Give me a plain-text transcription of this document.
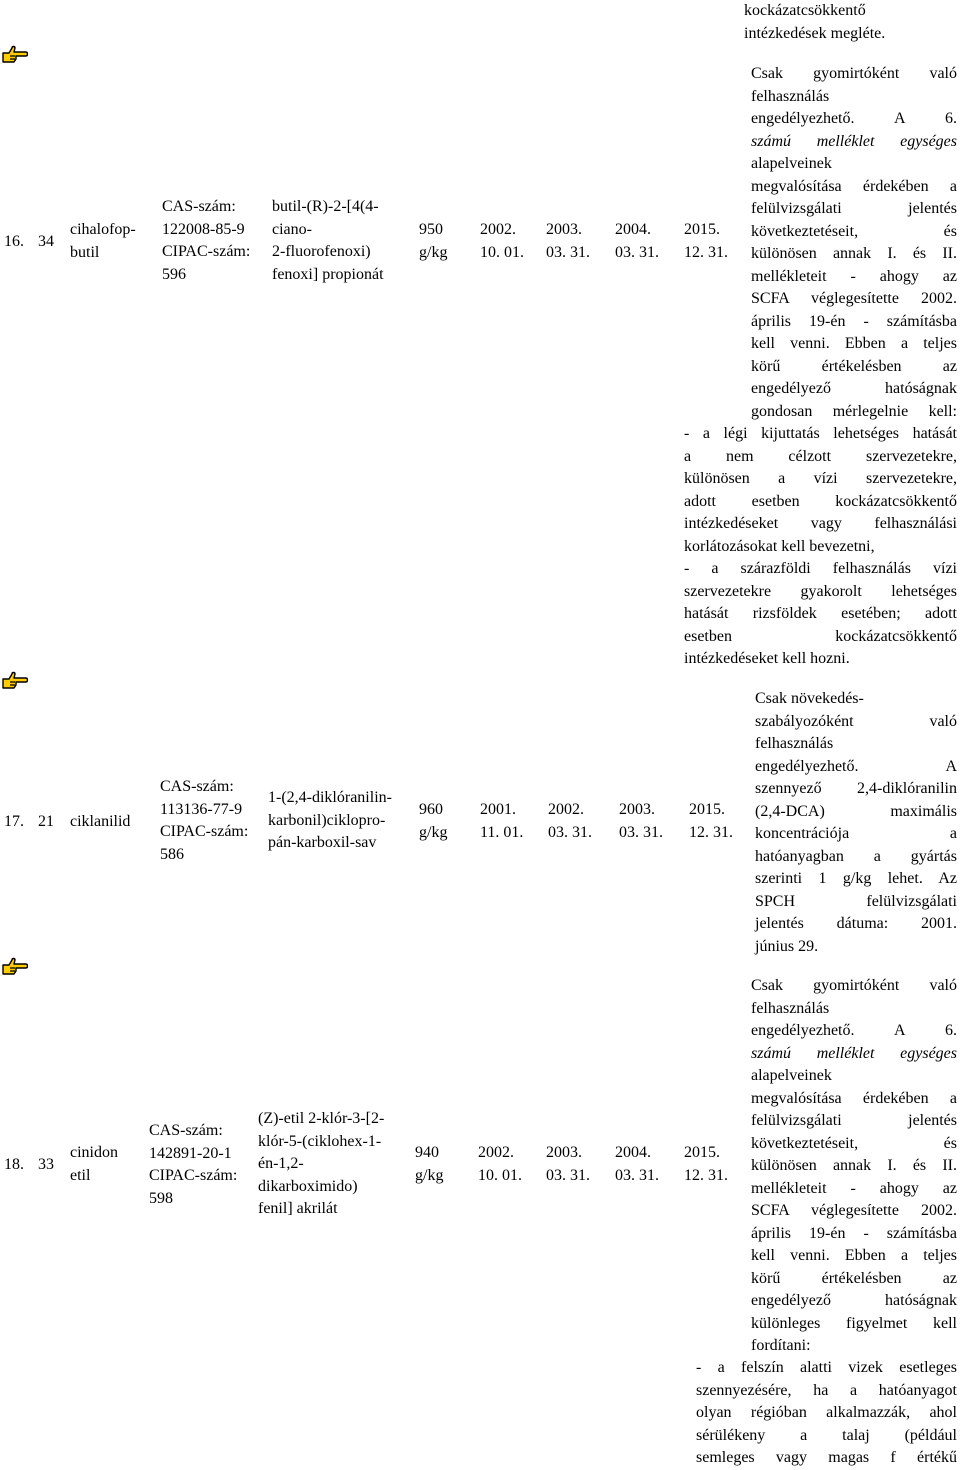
kockázatcsökkentő
intézkedések megléte.
16. 34
cihalofop-
butil
CAS-szám:
122008-85-9
CIPAC-szám:
596
butil-(R)-2-[4(4-
ciano-
2-fluorofenoxi)
fenoxi] propionát
950
g/kg
2002.
10. 01.
2003.
03. 31.
2004.
03. 31.
2015.
12. 31.
Csak gyomirtóként való
felhasználás
engedélyezhető. A 6.
számú melléklet egységes
alapelveinek
megvalósítása érdekében a
felülvizsgálati jelentés
következtetéseit, és
különösen annak I. és II.
mellékleteit - ahogy az
SCFA véglegesítette 2002.
április 19-én - számításba
kell venni. Ebben a teljes
körű értékelésben az
engedélyező hatóságnak
gondosan mérlegelnie kell:
- a légi kijuttatás lehetséges hatását
a nem célzott szervezetekre,
különösen a vízi szervezetekre,
adott esetben kockázatcsökkentő
intézkedéseket vagy felhasználási
korlátozásokat kell bevezetni,
- a szárazföldi felhasználás vízi
szervezetekre gyakorolt lehetséges
hatását rizsföldek esetében; adott
esetben kockázatcsökkentő
intézkedéseket kell hozni.
17. 21 ciklanilid
CAS-szám:
113136-77-9
CIPAC-szám:
586
1-(2,4-diklóranilin-
karbonil)ciklopro-
pán-karboxil-sav
960
g/kg
2001.
11. 01.
2002.
03. 31.
2003.
03. 31.
2015.
12. 31.
Csak növekedés-
szabályozóként való
felhasználás
engedélyezhető. A
szennyező 2,4-diklóranilin
(2,4-DCA) maximális
koncentrációja a
hatóanyagban a gyártás
szerinti 1 g/kg lehet. Az
SPCH felülvizsgálati
jelentés dátuma: 2001.
június 29.
18. 33
cinidon
etil
CAS-szám:
142891-20-1
CIPAC-szám:
598
(Z)-etil 2-klór-3-[2-
klór-5-(ciklohex-1-
én-1,2-
dikarboximido)
fenil] akrilát
940
g/kg
2002.
10. 01.
2003.
03. 31.
2004.
03. 31.
2015.
12. 31.
Csak gyomirtóként való
felhasználás
engedélyezhető. A 6.
számú melléklet egységes
alapelveinek
megvalósítása érdekében a
felülvizsgálati jelentés
következtetéseit, és
különösen annak I. és II.
mellékleteit - ahogy az
SCFA véglegesítette 2002.
április 19-én - számításba
kell venni. Ebben a teljes
körű értékelésben az
engedélyező hatóságnak
különleges figyelmet kell
fordítani:
- a felszín alatti vizek esetleges
szennyezésére, ha a hatóanyagot
olyan régióban alkalmazzák, ahol
sérülékeny a talaj (például
semleges vagy magas f értékű
